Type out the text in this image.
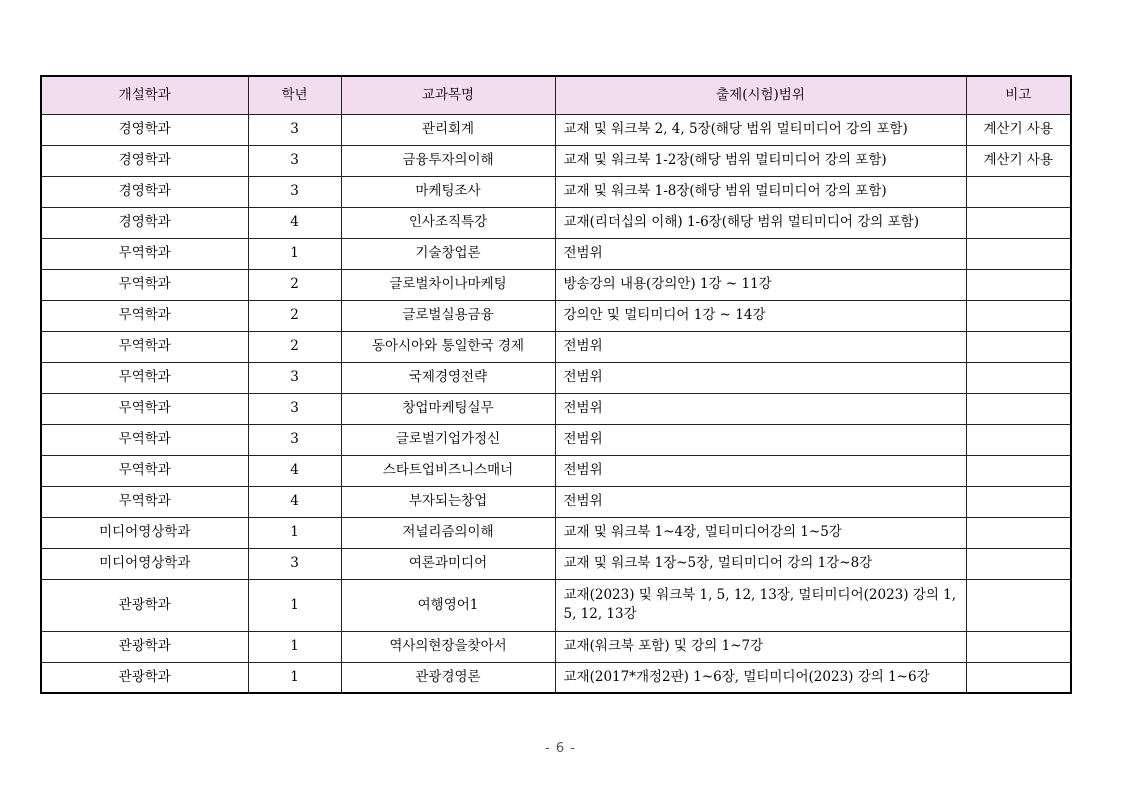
개설학과	학년	교과목명	출제(시험)범위	비고
경영학과	3	관리회계	교재 및 워크북 2, 4, 5장(해당 범위 멀티미디어 강의 포함)	계산기 사용
경영학과	3	금융투자의이해	교재 및 워크북 1-2장(해당 범위 멀티미디어 강의 포함)	계산기 사용
경영학과	3	마케팅조사	교재 및 워크북 1-8장(해당 범위 멀티미디어 강의 포함)	
경영학과	4	인사조직특강	교재(리더십의 이해) 1-6장(해당 범위 멀티미디어 강의 포함)	
무역학과	1	기술창업론	전범위	
무역학과	2	글로벌차이나마케팅	방송강의 내용(강의안) 1강 ~ 11강	
무역학과	2	글로벌실용금융	강의안 및 멀티미디어 1강 ~ 14강	
무역학과	2	동아시아와 통일한국 경제	전범위	
무역학과	3	국제경영전략	전범위	
무역학과	3	창업마케팅실무	전범위	
무역학과	3	글로벌기업가정신	전범위	
무역학과	4	스타트업비즈니스매너	전범위	
무역학과	4	부자되는창업	전범위	
미디어영상학과	1	저널리즘의이해	교재 및 워크북 1~4장, 멀티미디어강의 1~5강	
미디어영상학과	3	여론과미디어	교재 및 워크북 1장~5장, 멀티미디어 강의 1강~8강	
관광학과	1	여행영어1	교재(2023) 및 워크북 1, 5, 12, 13장, 멀티미디어(2023) 강의 1, 5, 12, 13강	
관광학과	1	역사의현장을찾아서	교재(워크북 포함) 및 강의 1~7강	
관광학과	1	관광경영론	교재(2017*개정2판) 1~6장, 멀티미디어(2023) 강의 1~6강	
- 6 -
